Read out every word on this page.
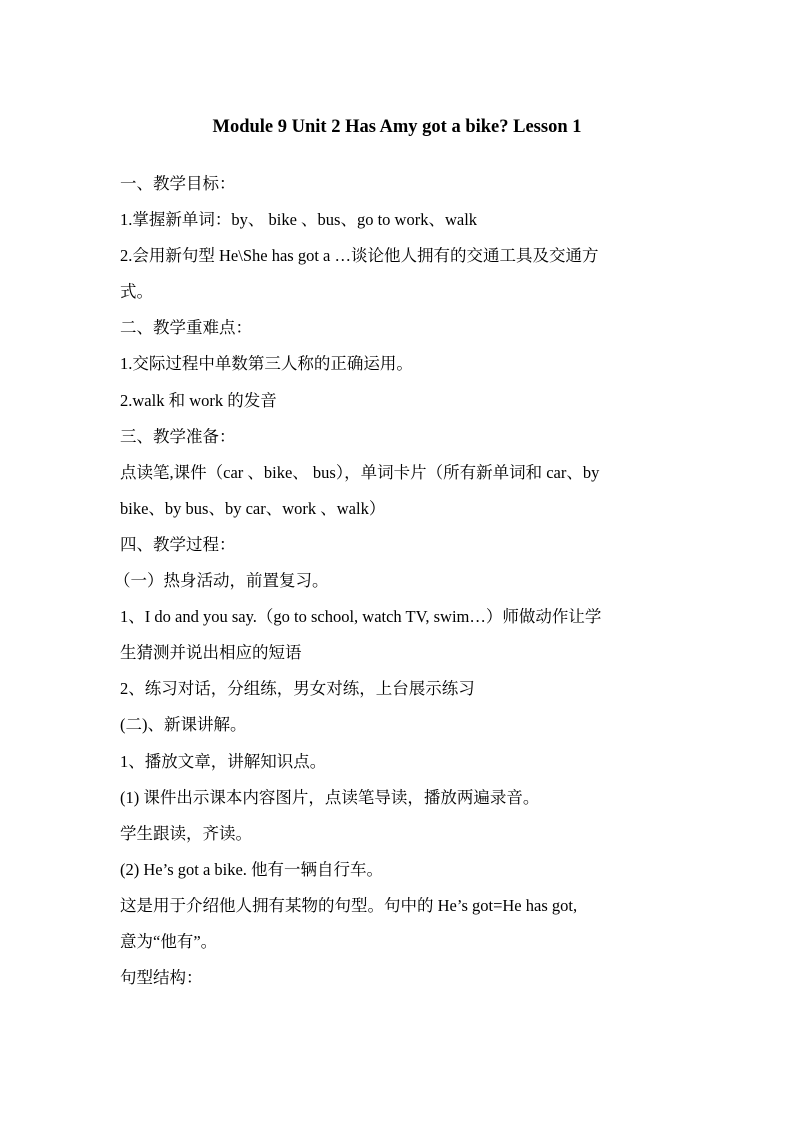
Module 9 Unit 2 Has Amy got a bike? Lesson 1
一、教学目标：
1.掌握新单词：by、 bike 、bus、go to work、walk
2.会用新句型 He\She has got a …谈论他人拥有的交通工具及交通方
式。
二、教学重难点：
1.交际过程中单数第三人称的正确运用。
2.walk 和 work 的发音
三、教学准备：
点读笔,课件（car 、bike、 bus），单词卡片（所有新单词和 car、by
bike、by bus、by car、work 、walk）
四、教学过程：
（一）热身活动，前置复习。
1、I do and you say.（go to school, watch TV, swim…）师做动作让学
生猜测并说出相应的短语
2、练习对话，分组练，男女对练，上台展示练习
(二)、新课讲解。
1、播放文章，讲解知识点。
(1) 课件出示课本内容图片，点读笔导读，播放两遍录音。
学生跟读，齐读。
(2) He’s got a bike. 他有一辆自行车。
这是用于介绍他人拥有某物的句型。句中的 He’s got=He has got,
意为“他有”。
句型结构：
